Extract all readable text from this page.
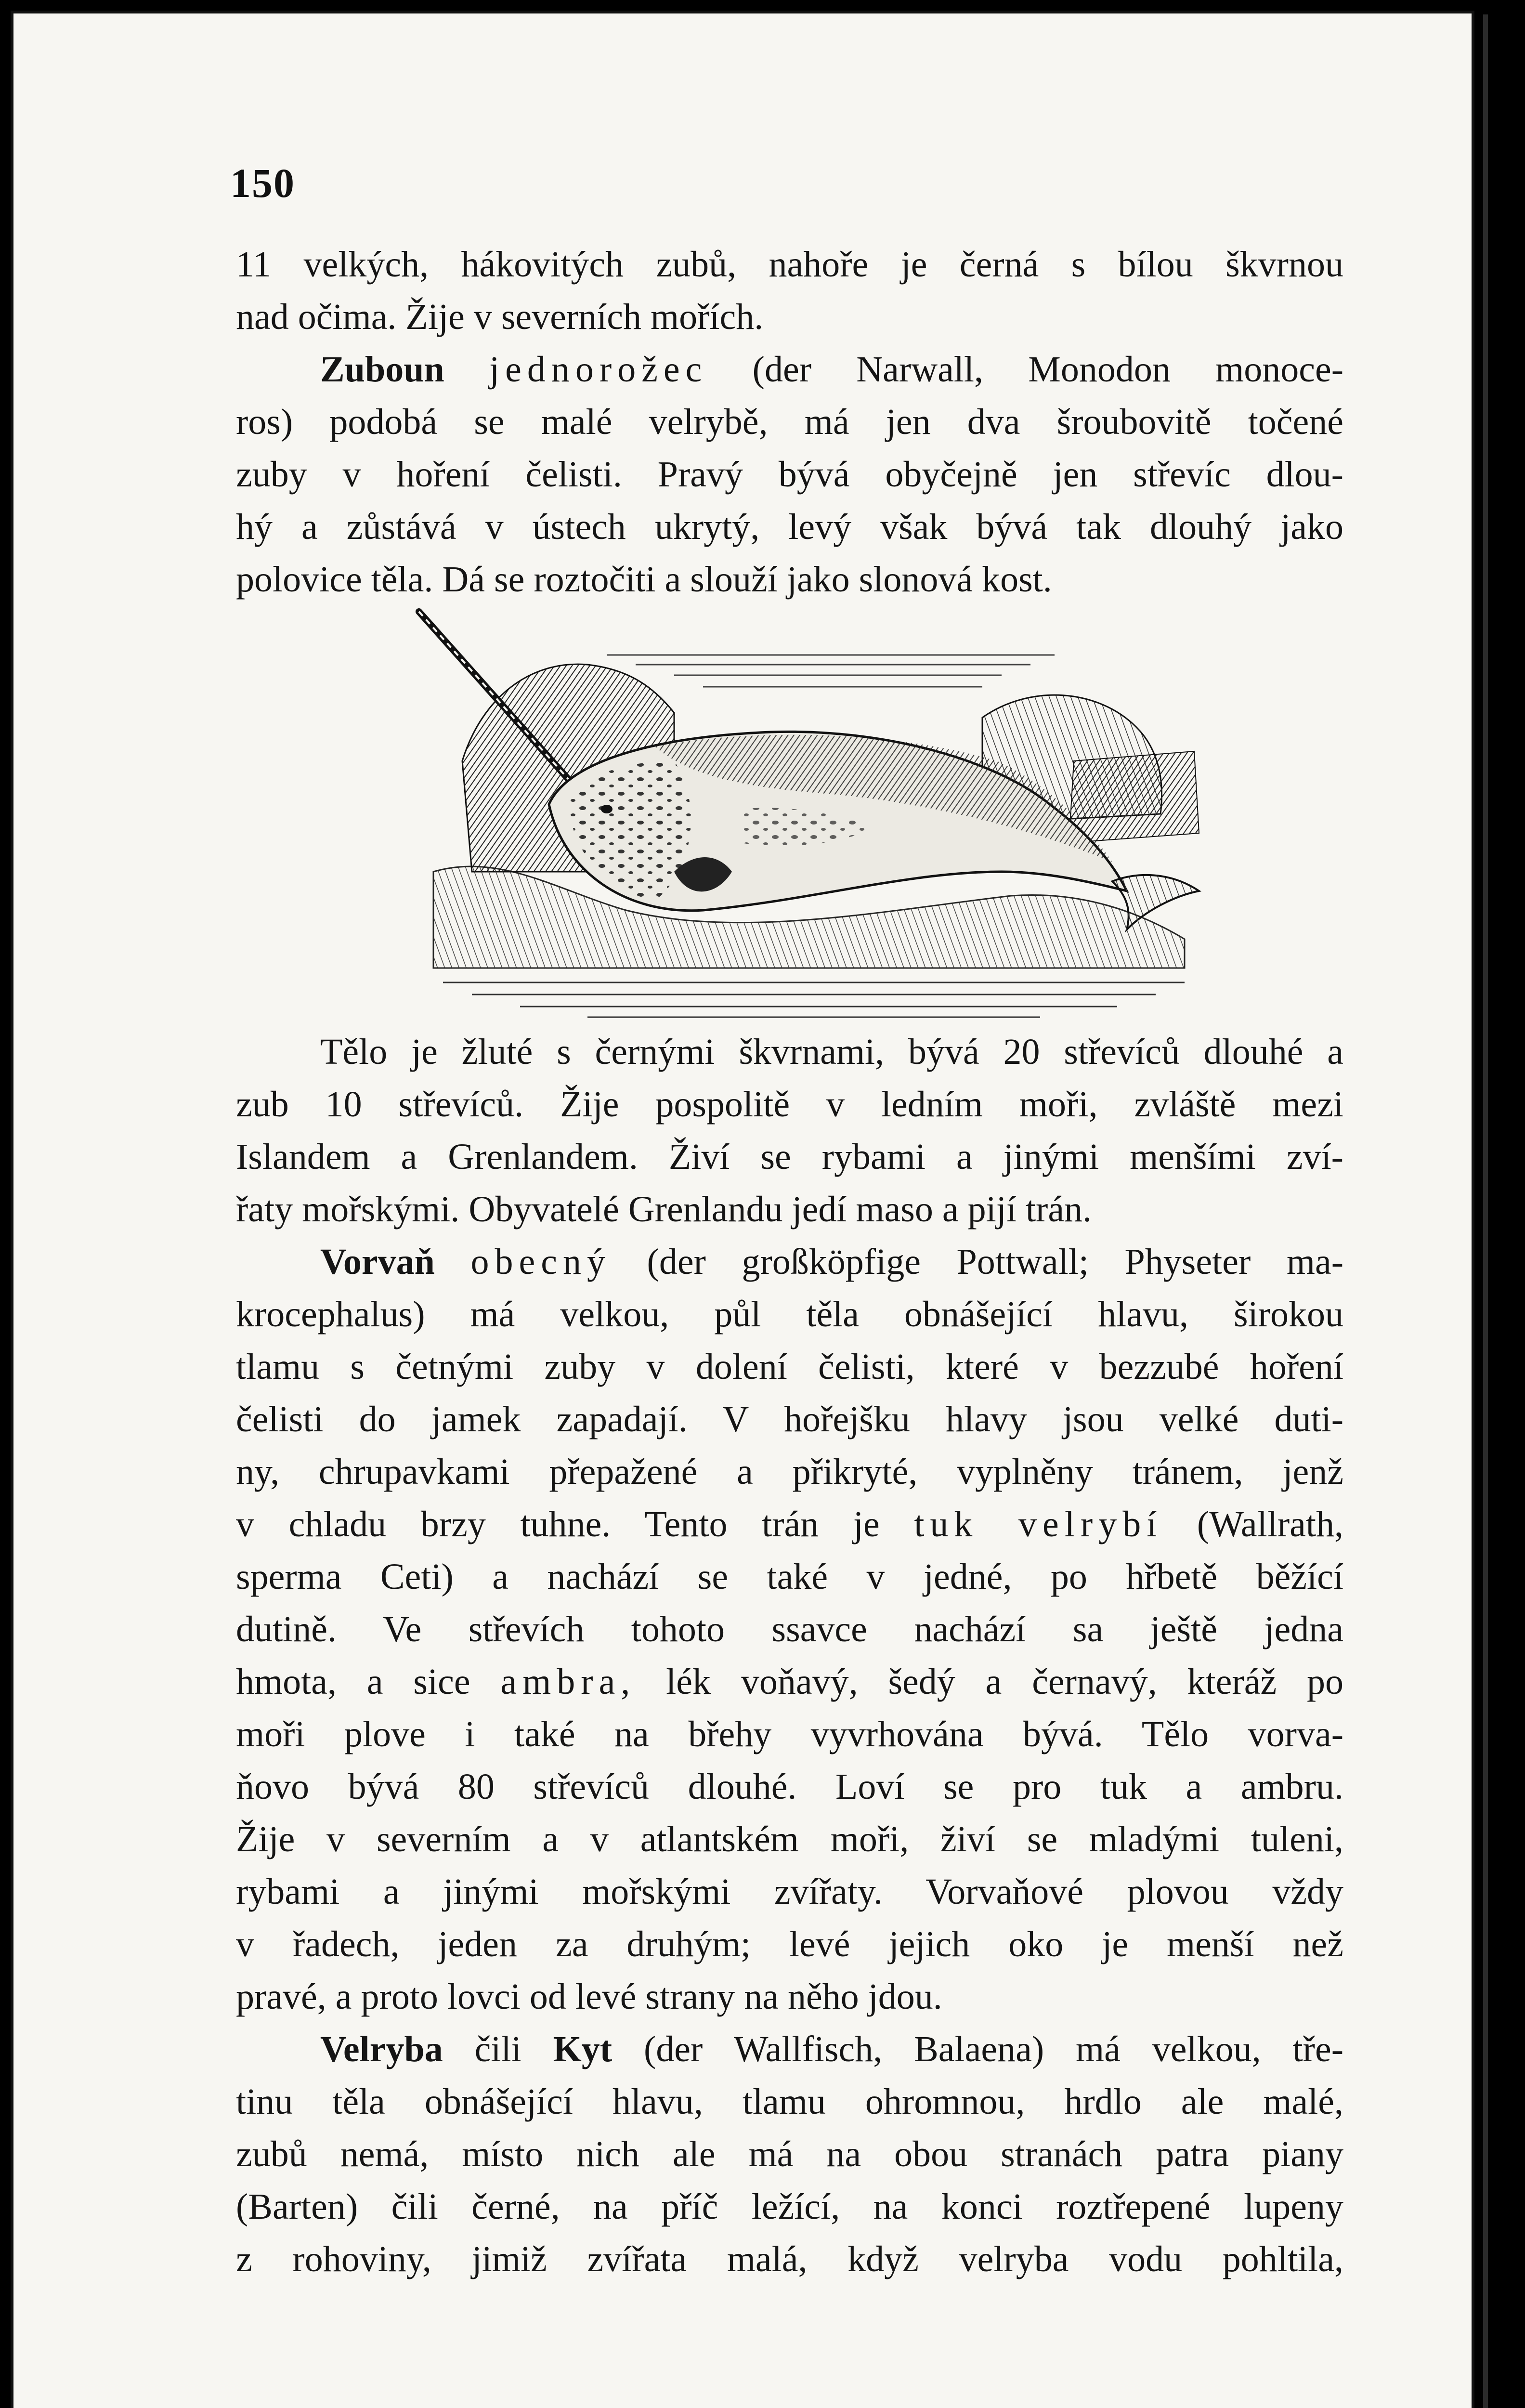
150
11 velkých, hákovitých zubů, nahoře je černá s bílou škvrnou
nad očima. Žije v severních mořích.
Zuboun jednorožec (der Narwall, Monodon monoce-
ros) podobá se malé velrybě, má jen dva šroubovitě točené
zuby v hoření čelisti. Pravý bývá obyčejně jen střevíc dlou-
hý a zůstává v ústech ukrytý, levý však bývá tak dlouhý jako
polovice těla. Dá se roztočiti a slouží jako slonová kost.
Tělo je žluté s černými škvrnami, bývá 20 střevíců dlouhé a
zub 10 střevíců. Žije pospolitě v ledním moři, zvláště mezi
Islandem a Grenlandem. Živí se rybami a jinými menšími zví-
řaty mořskými. Obyvatelé Grenlandu jedí maso a pijí trán.
Vorvaň obecný (der großköpfige Pottwall; Physeter ma-
krocephalus) má velkou, půl těla obnášející hlavu, širokou
tlamu s četnými zuby v dolení čelisti, které v bezzubé hoření
čelisti do jamek zapadají. V hořejšku hlavy jsou velké duti-
ny, chrupavkami přepažené a přikryté, vyplněny tránem, jenž
v chladu brzy tuhne. Tento trán je tuk velrybí (Wallrath,
sperma Ceti) a nachází se také v jedné, po hřbetě běžící
dutině. Ve střevích tohoto ssavce nachází sa ještě jedna
hmota, a sice ambra, lék voňavý, šedý a černavý, kteráž po
moři plove i také na břehy vyvrhována bývá. Tělo vorva-
ňovo bývá 80 střevíců dlouhé. Loví se pro tuk a ambru.
Žije v severním a v atlantském moři, živí se mladými tuleni,
rybami a jinými mořskými zvířaty. Vorvaňové plovou vždy
v řadech, jeden za druhým; levé jejich oko je menší než
pravé, a proto lovci od levé strany na něho jdou.
Velryba čili Kyt (der Wallfisch, Balaena) má velkou, tře-
tinu těla obnášející hlavu, tlamu ohromnou, hrdlo ale malé,
zubů nemá, místo nich ale má na obou stranách patra piany
(Barten) čili černé, na příč ležící, na konci roztřepené lupeny
z rohoviny, jimiž zvířata malá, když velryba vodu pohltila,
